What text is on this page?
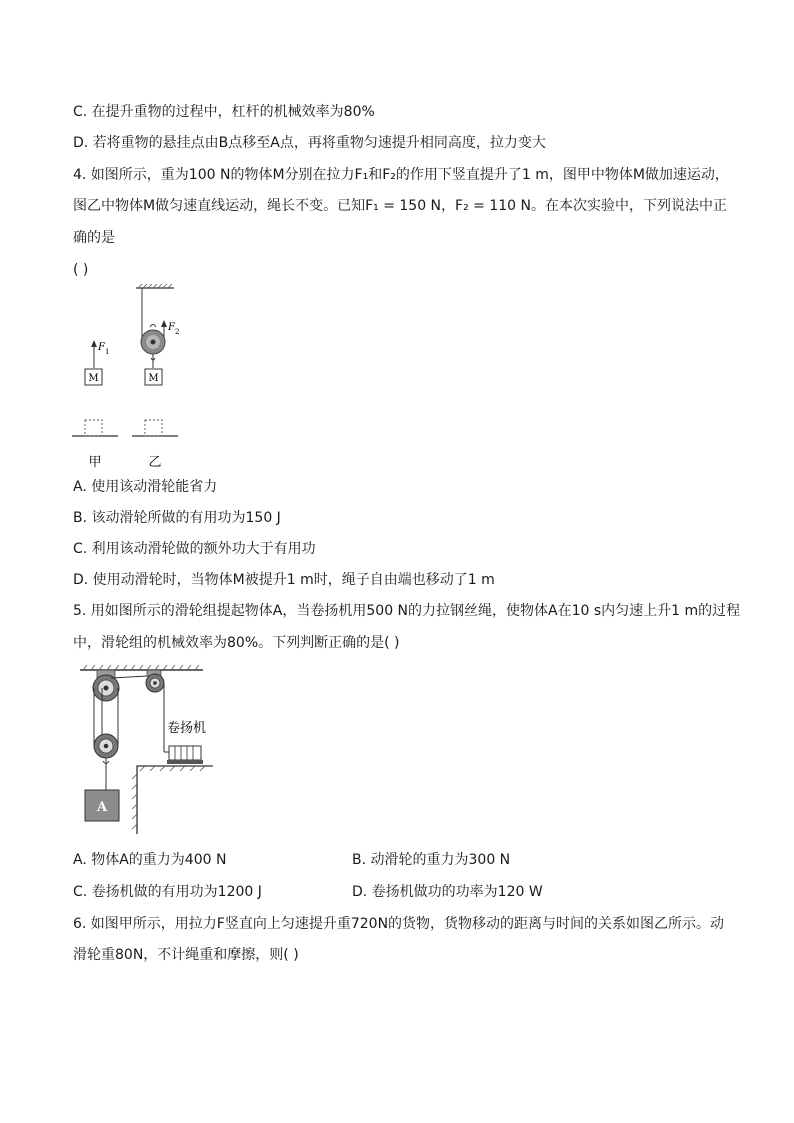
C. 在提升重物的过程中，杠杆的机械效率为80%
D. 若将重物的悬挂点由B点移至A点，再将重物匀速提升相同高度，拉力变大
4. 如图所示，重为100 N的物体M分别在拉力F₁和F₂的作用下竖直提升了1 m，图甲中物体M做加速运动，
图乙中物体M做匀速直线运动，绳长不变。已知F₁ = 150 N，F₂ = 110 N。在本次实验中，下列说法中正
确的是
( )
F 2
M
F 1
M
甲	乙
A. 使用该动滑轮能省力
B. 该动滑轮所做的有用功为150 J
C. 利用该动滑轮做的额外功大于有用功
D. 使用动滑轮时，当物体M被提升1 m时，绳子自由端也移动了1 m
5. 用如图所示的滑轮组提起物体A，当卷扬机用500 N的力拉钢丝绳，使物体A在10 s内匀速上升1 m的过程
中，滑轮组的机械效率为80%。下列判断正确的是( )
A
卷扬机
A. 物体A的重力为400 N	B. 动滑轮的重力为300 N
C. 卷扬机做的有用功为1200 J	D. 卷扬机做功的功率为120 W
6. 如图甲所示，用拉力F竖直向上匀速提升重720N的货物，货物移动的距离与时间的关系如图乙所示。动
滑轮重80N，不计绳重和摩擦，则( )
